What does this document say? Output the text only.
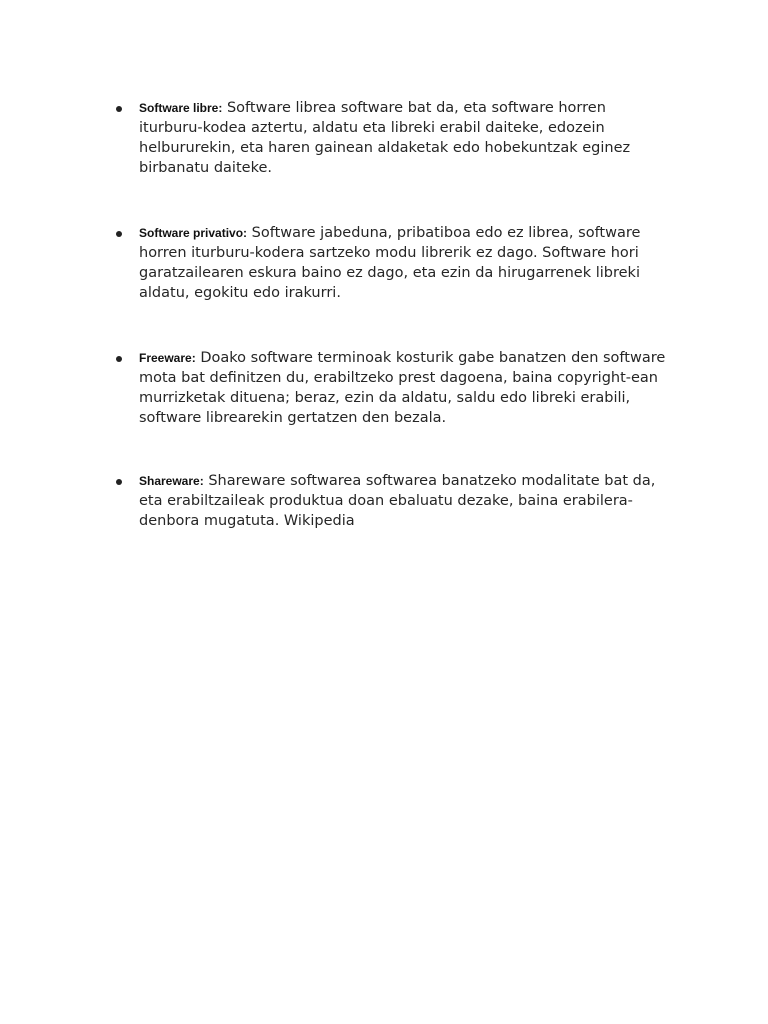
Software libre: Software librea software bat da, eta software horren iturburu-kodea aztertu, aldatu eta libreki erabil daiteke, edozein helbururekin, eta haren gainean aldaketak edo hobekuntzak eginez birbanatu daiteke.
Software privativo: Software jabeduna, pribatiboa edo ez librea, software horren iturburu-kodera sartzeko modu librerik ez dago. Software hori garatzailearen eskura baino ez dago, eta ezin da hirugarrenek libreki aldatu, egokitu edo irakurri.
Freeware: Doako software terminoak kosturik gabe banatzen den software mota bat definitzen du, erabiltzeko prest dagoena, baina copyright-ean murrizketak dituena; beraz, ezin da aldatu, saldu edo libreki erabili, software librearekin gertatzen den bezala.
Shareware: Shareware softwarea softwarea banatzeko modalitate bat da, eta erabiltzaileak produktua doan ebaluatu dezake, baina erabilera-denbora mugatuta. Wikipedia
